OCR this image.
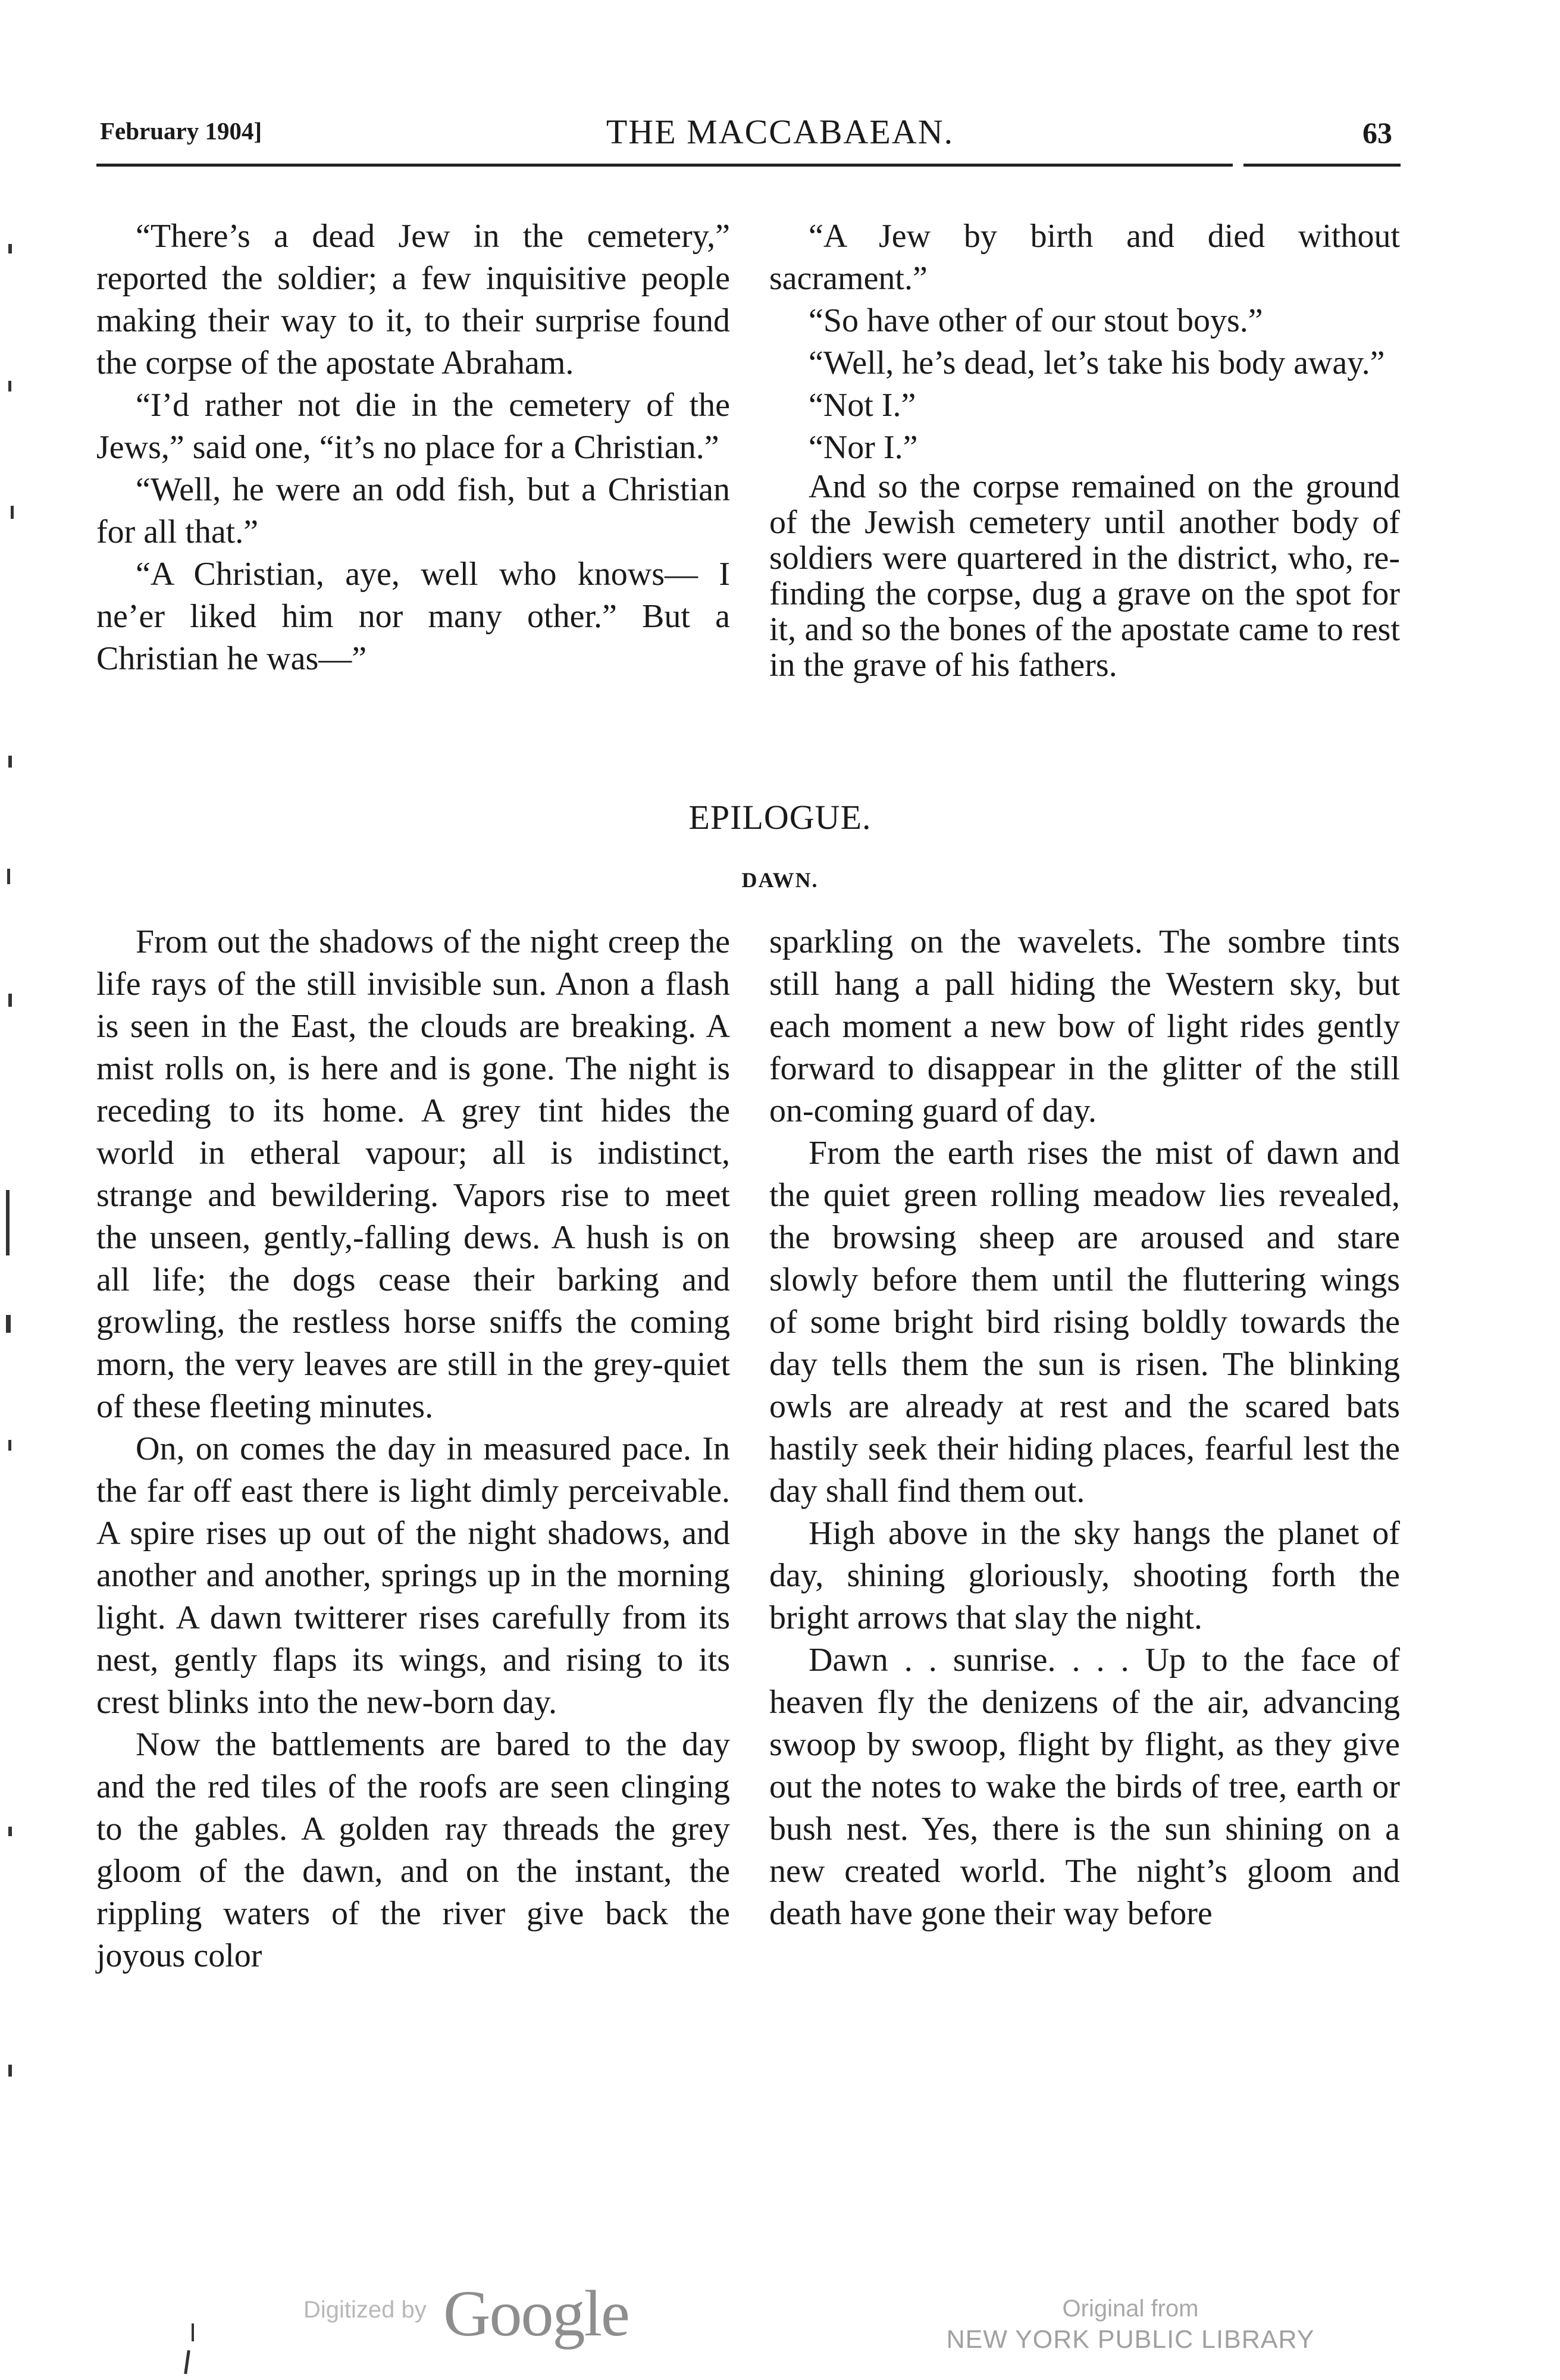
February 1904]	THE MACCABAEAN.	63

“There’s a dead Jew in the cemetery,” reported the soldier; a few inquisitive people making their way to it, to their surprise found the corpse of the apostate Abraham.

“I’d rather not die in the cemetery of the Jews,” said one, “it’s no place for a Christian.”

“Well, he were an odd fish, but a Christian for all that.”

“A Christian, aye, well who knows— I ne’er liked him nor many other.” But a Christian he was—”

“A Jew by birth and died without sacrament.”

“So have other of our stout boys.”

“Well, he’s dead, let’s take his body away.”

“Not I.”

“Nor I.”

And so the corpse remained on the ground of the Jewish cemetery until another body of soldiers were quartered in the district, who, re-finding the corpse, dug a grave on the spot for it, and so the bones of the apostate came to rest in the grave of his fathers.

EPILOGUE.
DAWN.

From out the shadows of the night creep the life rays of the still invisible sun. Anon a flash is seen in the East, the clouds are breaking. A mist rolls on, is here and is gone. The night is receding to its home. A grey tint hides the world in etheral vapour; all is indistinct, strange and bewildering. Vapors rise to meet the unseen, gently,-falling dews. A hush is on all life; the dogs cease their barking and growling, the restless horse sniffs the coming morn, the very leaves are still in the grey-quiet of these fleeting minutes.

On, on comes the day in measured pace. In the far off east there is light dimly perceivable. A spire rises up out of the night shadows, and another and another, springs up in the morning light. A dawn twitterer rises carefully from its nest, gently flaps its wings, and rising to its crest blinks into the new-born day.

Now the battlements are bared to the day and the red tiles of the roofs are seen clinging to the gables. A golden ray threads the grey gloom of the dawn, and on the instant, the rippling waters of the river give back the joyous color

sparkling on the wavelets. The sombre tints still hang a pall hiding the Western sky, but each moment a new bow of light rides gently forward to disappear in the glitter of the still on-coming guard of day.

From the earth rises the mist of dawn and the quiet green rolling meadow lies revealed, the browsing sheep are aroused and stare slowly before them until the fluttering wings of some bright bird rising boldly towards the day tells them the sun is risen. The blinking owls are already at rest and the scared bats hastily seek their hiding places, fearful lest the day shall find them out.

High above in the sky hangs the planet of day, shining gloriously, shooting forth the bright arrows that slay the night.

Dawn . . sunrise. . . . Up to the face of heaven fly the denizens of the air, advancing swoop by swoop, flight by flight, as they give out the notes to wake the birds of tree, earth or bush nest. Yes, there is the sun shining on a new created world. The night’s gloom and death have gone their way before

Digitized by Google	Original from
NEW YORK PUBLIC LIBRARY
